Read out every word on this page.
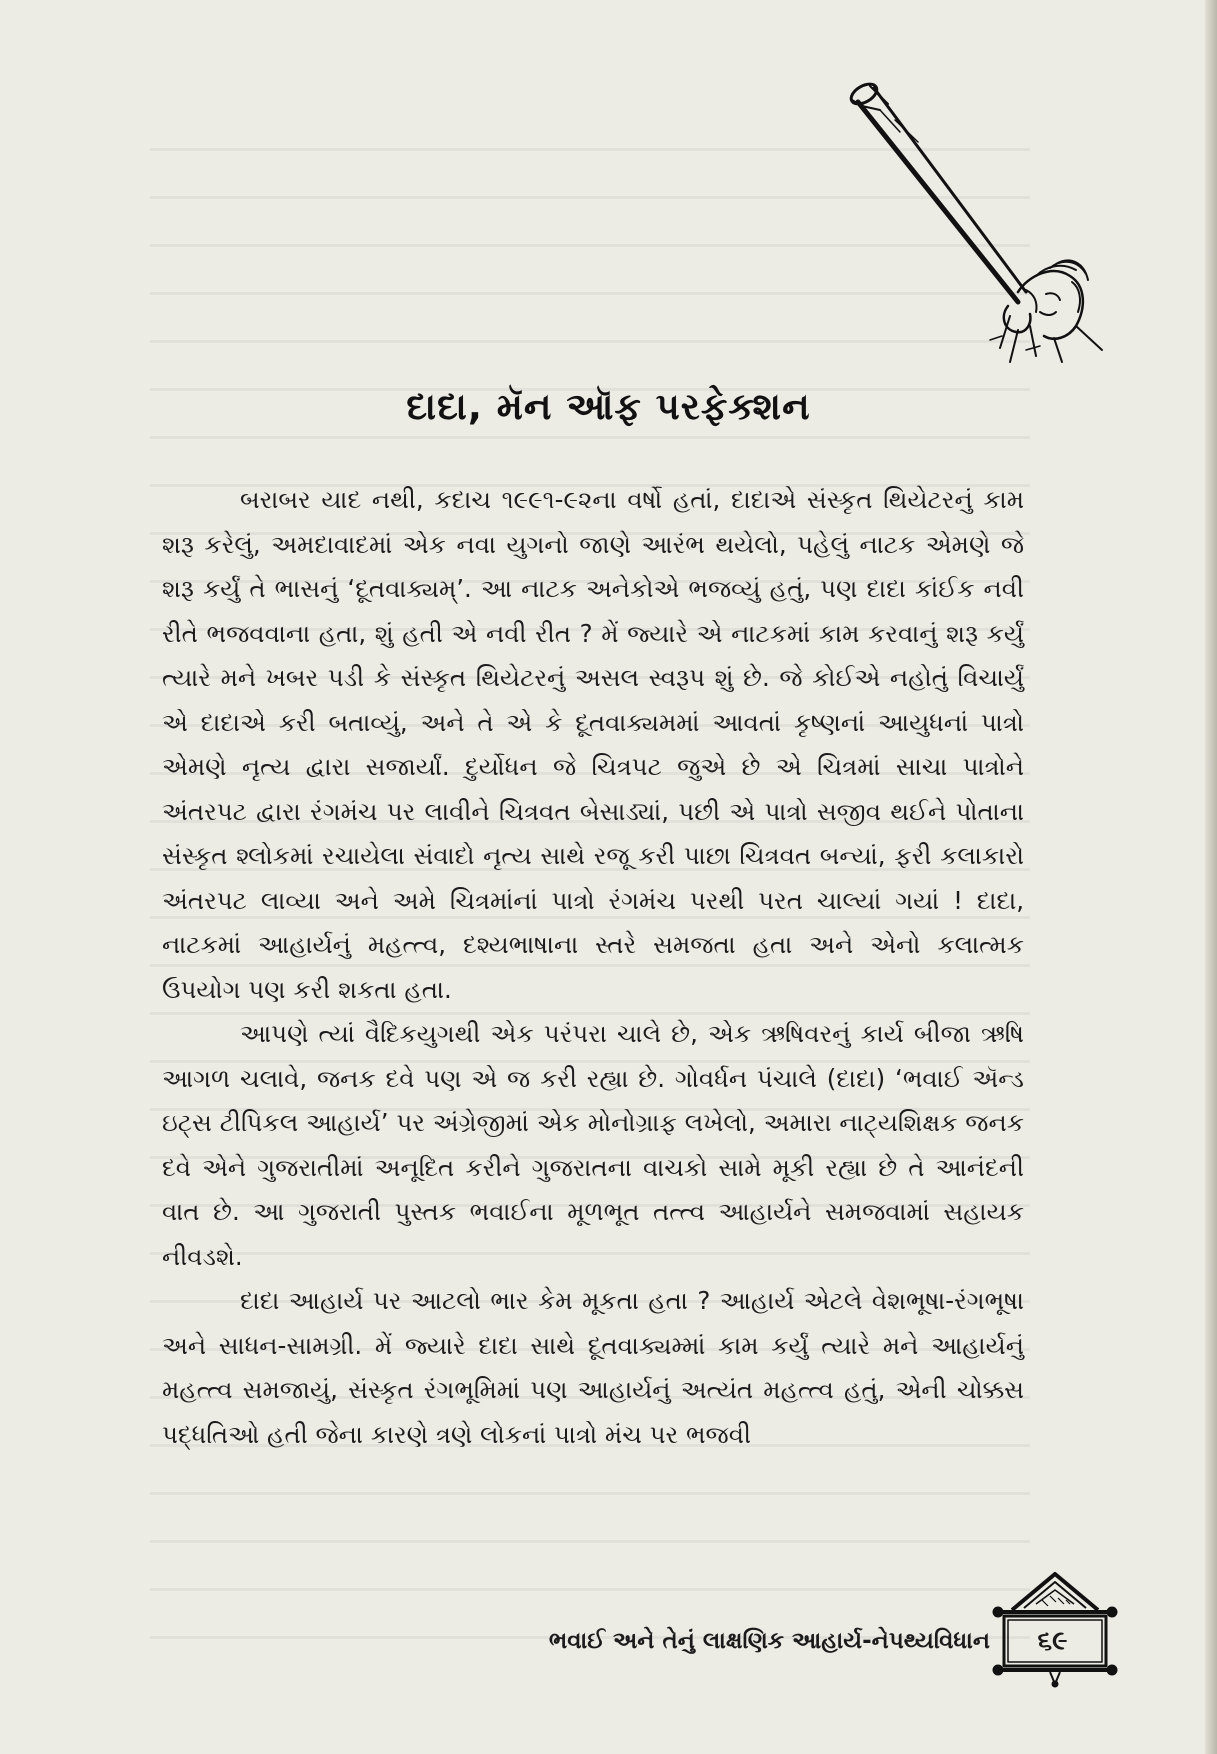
દાદા, મૅન ઑફ પરફેક્શન

બરાબર યાદ નથી, કદાચ ૧૯૯૧-૯૨ના વર્ષો હતાં, દાદાએ સંસ્કૃત થિયેટરનું કામ શરૂ કરેલું, અમદાવાદમાં એક નવા યુગનો જાણે આરંભ થયેલો, પહેલું નાટક એમણે જે શરૂ કર્યું તે ભાસનું ‘દૂતવાક્યમ્’. આ નાટક અનેકોએ ભજવ્યું હતું, પણ દાદા કાંઈક નવી રીતે ભજવવાના હતા, શું હતી એ નવી રીત ? મેં જ્યારે એ નાટકમાં કામ કરવાનું શરૂ કર્યું ત્યારે મને ખબર પડી કે સંસ્કૃત થિયેટરનું અસલ સ્વરૂપ શું છે. જે કોઈએ નહોતું વિચાર્યું એ દાદાએ કરી બતાવ્યું, અને તે એ કે દૂતવાક્યમમાં આવતાં કૃષ્ણનાં આયુધનાં પાત્રો એમણે નૃત્ય દ્વારા સજાર્યાં. દુર્યોધન જે ચિત્રપટ જુએ છે એ ચિત્રમાં સાચા પાત્રોને અંતરપટ દ્વારા રંગમંચ પર લાવીને ચિત્રવત બેસાડ્યાં, પછી એ પાત્રો સજીવ થઈને પોતાના સંસ્કૃત શ્લોકમાં રચાયેલા સંવાદો નૃત્ય સાથે રજૂ કરી પાછા ચિત્રવત બન્યાં, ફરી કલાકારો અંતરપટ લાવ્યા અને અમે ચિત્રમાંનાં પાત્રો રંગમંચ પરથી પરત ચાલ્યાં ગયાં ! દાદા, નાટકમાં આહાર્યનું મહત્ત્વ, દશ્યભાષાના સ્તરે સમજતા હતા અને એનો કલાત્મક ઉપયોગ પણ કરી શકતા હતા.

આપણે ત્યાં વૈદિકયુગથી એક પરંપરા ચાલે છે, એક ઋષિવરનું કાર્ય બીજા ઋષિ આગળ ચલાવે, જનક દવે પણ એ જ કરી રહ્યા છે. ગોવર્ધન પંચાલે (દાદા) ‘ભવાઈ ઍન્ડ ઇટ્સ ટીપિકલ આહાર્ય’ પર અંગ્રેજીમાં એક મોનોગ્રાફ લખેલો, અમારા નાટ્યશિક્ષક જનક દવે એને ગુજરાતીમાં અનૂદિત કરીને ગુજરાતના વાચકો સામે મૂકી રહ્યા છે તે આનંદની વાત છે. આ ગુજરાતી પુસ્તક ભવાઈના મૂળભૂત તત્ત્વ આહાર્યને સમજવામાં સહાયક નીવડશે.

દાદા આહાર્ય પર આટલો ભાર કેમ મૂકતા હતા ? આહાર્ય એટલે વેશભૂષા-રંગભૂષા અને સાધન-સામગ્રી. મેં જ્યારે દાદા સાથે દૂતવાક્યમ્માં કામ કર્યું ત્યારે મને આહાર્યનું મહત્ત્વ સમજાયું, સંસ્કૃત રંગભૂમિમાં પણ આહાર્યનું અત્યંત મહત્ત્વ હતું, એની ચોક્કસ પદ્ધતિઓ હતી જેના કારણે ત્રણે લોકનાં પાત્રો મંચ પર ભજવી

ભવાઈ અને તેનું લાક્ષણિક આહાર્ય-નેપથ્યવિધાન	૬૯
